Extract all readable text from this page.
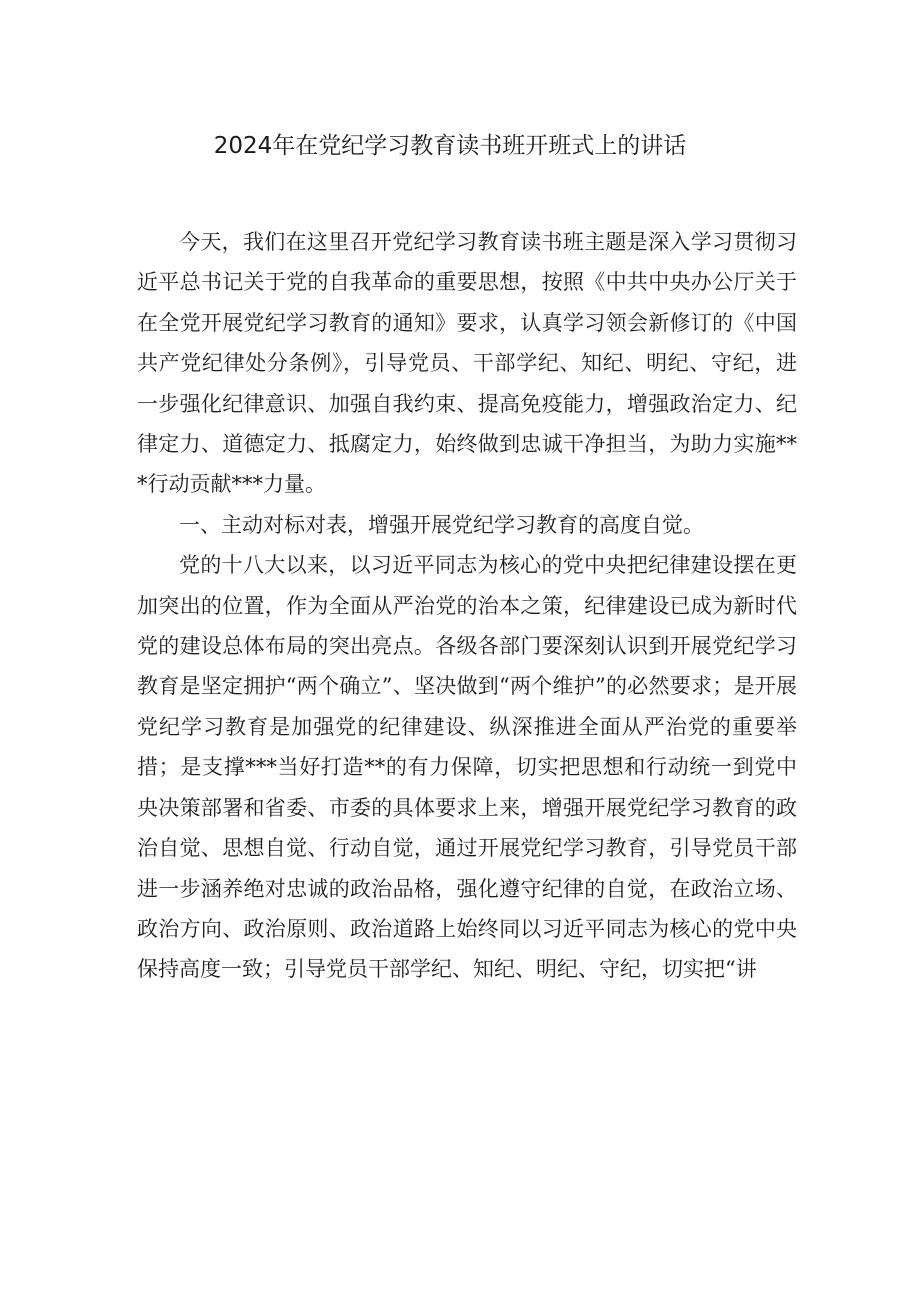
2024年在党纪学习教育读书班开班式上的讲话

今天，我们在这里召开党纪学习教育读书班主题是深入学习贯彻习近平总书记关于党的自我革命的重要思想，按照《中共中央办公厅关于在全党开展党纪学习教育的通知》要求，认真学习领会新修订的《中国共产党纪律处分条例》，引导党员、干部学纪、知纪、明纪、守纪，进一步强化纪律意识、加强自我约束、提高免疫能力，增强政治定力、纪律定力、道德定力、抵腐定力，始终做到忠诚干净担当，为助力实施***行动贡献***力量。

一、主动对标对表，增强开展党纪学习教育的高度自觉。

党的十八大以来，以习近平同志为核心的党中央把纪律建设摆在更加突出的位置，作为全面从严治党的治本之策，纪律建设已成为新时代党的建设总体布局的突出亮点。各级各部门要深刻认识到开展党纪学习教育是坚定拥护“两个确立”、坚决做到“两个维护”的必然要求；是开展党纪学习教育是加强党的纪律建设、纵深推进全面从严治党的重要举措；是支撑***当好打造**的有力保障，切实把思想和行动统一到党中央决策部署和省委、市委的具体要求上来，增强开展党纪学习教育的政治自觉、思想自觉、行动自觉，通过开展党纪学习教育，引导党员干部进一步涵养绝对忠诚的政治品格，强化遵守纪律的自觉，在政治立场、政治方向、政治原则、政治道路上始终同以习近平同志为核心的党中央保持高度一致；引导党员干部学纪、知纪、明纪、守纪，切实把“讲
